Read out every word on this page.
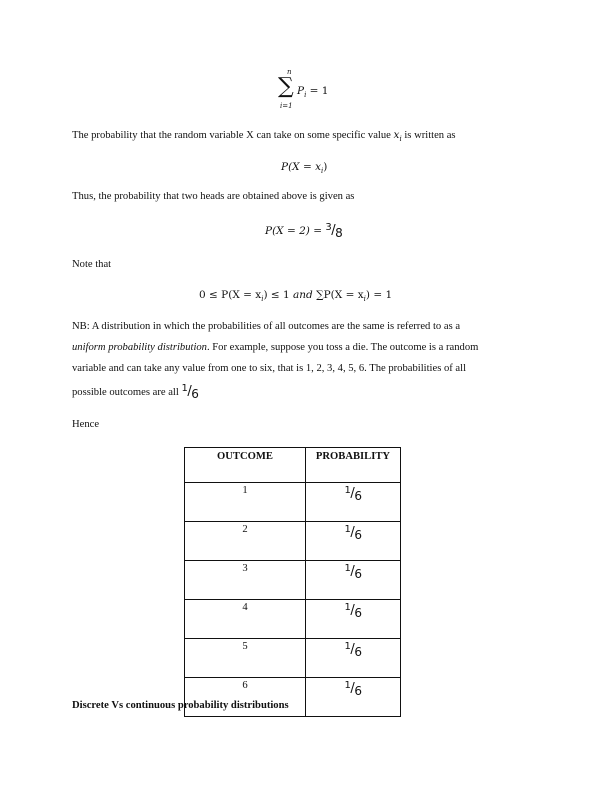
n
∑
i=1
$P_i = 1$
The probability that the random variable X can take on some specific value $x_i$ is written as
$P(X = x_i)$
Thus, the probability that two heads are obtained above is given as
P(X = 2) = $^3$/8
Note that
$0 \le P(X = x_i) \le 1$ and $\sum P(X = x_i) = 1$
NB: A distribution in which the probabilities of all outcomes are the same is referred to as a
uniform probability distribution. For example, suppose you toss a die. The outcome is a random
variable and can take any value from one to six, that is 1, 2, 3, 4, 5, 6. The probabilities of all
possible outcomes are all $^1$/6
Hence
OUTCOME	PROBABILITY
1	$^1$/6
2	$^1$/6
3	$^1$/6
4	$^1$/6
5	$^1$/6
6	$^1$/6
Discrete Vs continuous probability distributions
